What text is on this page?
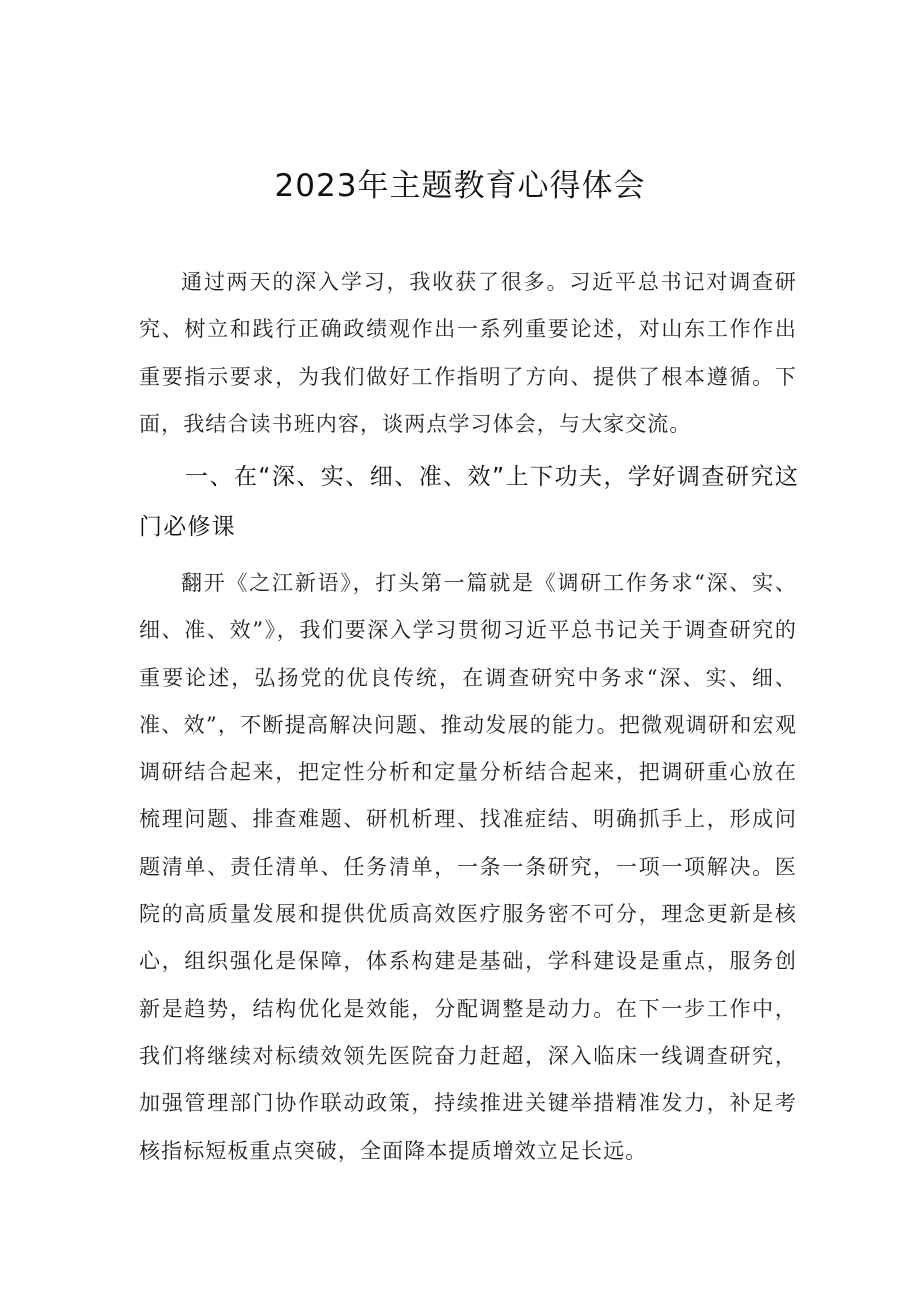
2023年主题教育心得体会
通过两天的深入学习，我收获了很多。习近平总书记对调查研究、树立和践行正确政绩观作出一系列重要论述，对山东工作作出重要指示要求，为我们做好工作指明了方向、提供了根本遵循。下面，我结合读书班内容，谈两点学习体会，与大家交流。
一、在“深、实、细、准、效”上下功夫，学好调查研究这门必修课
翻开《之江新语》，打头第一篇就是《调研工作务求“深、实、细、准、效”》，我们要深入学习贯彻习近平总书记关于调查研究的重要论述，弘扬党的优良传统，在调查研究中务求“深、实、细、准、效”，不断提高解决问题、推动发展的能力。把微观调研和宏观调研结合起来，把定性分析和定量分析结合起来，把调研重心放在梳理问题、排查难题、研机析理、找准症结、明确抓手上，形成问题清单、责任清单、任务清单，一条一条研究，一项一项解决。医院的高质量发展和提供优质高效医疗服务密不可分，理念更新是核心，组织强化是保障，体系构建是基础，学科建设是重点，服务创新是趋势，结构优化是效能，分配调整是动力。在下一步工作中，我们将继续对标绩效领先医院奋力赶超，深入临床一线调查研究，加强管理部门协作联动政策，持续推进关键举措精准发力，补足考核指标短板重点突破，全面降本提质增效立足长远。
